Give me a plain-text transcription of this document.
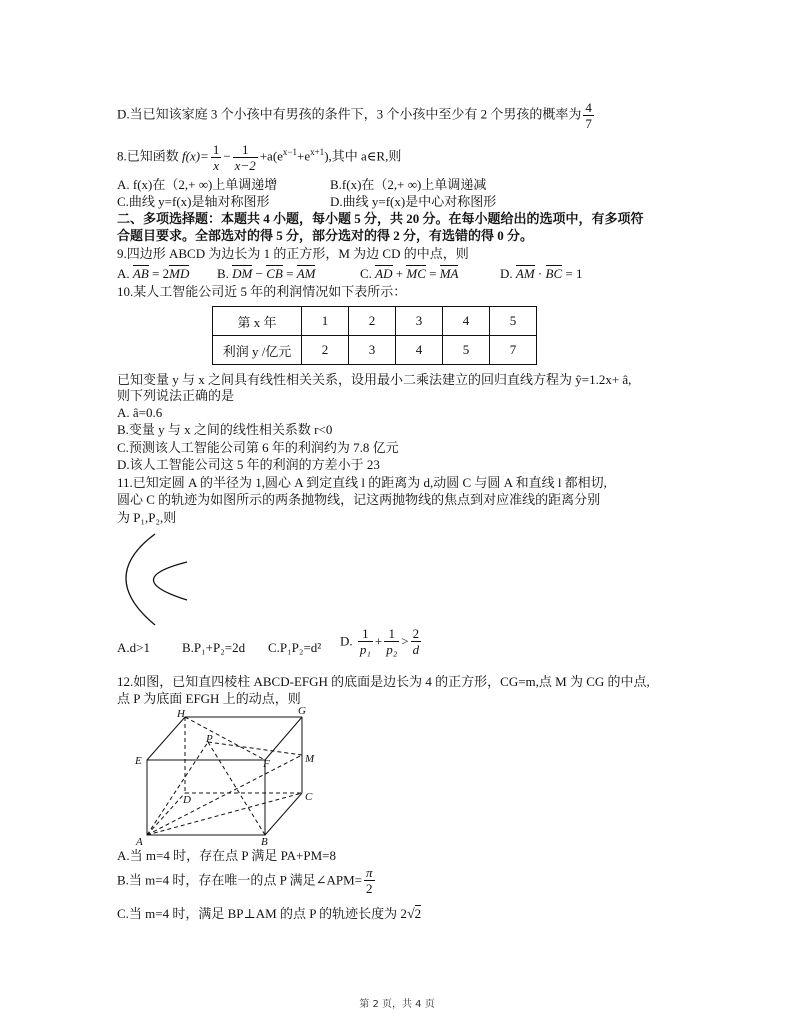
D.当已知该家庭 3 个小孩中有男孩的条件下，3 个小孩中至少有 2 个男孩的概率为 $\frac{4}{7}$
8.已知函数 $f(x)= \frac{1}{x} - \frac{1}{x-2} +a(e^{x-1}+e^{x+1})$,其中 a∈R,则
A. f(x)在（2,+ ∞)上单调递增	B.f(x)在（2,+ ∞)上单调递减
C.曲线 y=f(x)是轴对称图形	D.曲线 y=f(x)是中心对称图形
二、多项选择题：本题共 4 小题，每小题 5 分，共 20 分。在每小题给出的选项中，有多项符
合题目要求。全部选对的得 5 分，部分选对的得 2 分，有选错的得 0 分。
9.四边形 ABCD 为边长为 1 的正方形，M 为边 CD 的中点，则
A. AB = 2MD B. DM − CB = AM	C. AD + MC = MA	D. AM · BC = 1
10.某人工智能公司近 5 年的利润情况如下表所示：
第 x 年	1	2	3	4	5
利润 y /亿元	2	3	4	5	7
已知变量 y 与 x 之间具有线性相关关系，设用最小二乘法建立的回归直线方程为 ŷ=1.2x+ â,
则下列说法正确的是
A. â=0.6
B.变量 y 与 x 之间的线性相关系数 r<0
C.预测该人工智能公司第 6 年的利润约为 7.8 亿元
D.该人工智能公司这 5 年的利润的方差小于 23
11.已知定圆 A 的半径为 1,圆心 A 到定直线 l 的距离为 d,动圆 C 与圆 A 和直线 l 都相切,
圆心 C 的轨迹为如图所示的两条抛物线，记这两抛物线的焦点到对应准线的距离分别
为 P₁,P₂,则
A.d>1 B.P₁+P₂=2d C.P₁P₂=d² D. $\frac{1}{\text{p₁}} + \frac{1}{\text{p₂}} > \frac{2}{d}$
12.如图，已知直四棱柱 ABCD-EFGH 的底面是边长为 4 的正方形，CG=m,点 M 为 CG 的中点,
点 P 为底面 EFGH 上的动点，则
H	G
E
P
F	M
D	C
A	B
A.当 m=4 时，存在点 P 满足 PA+PM=8
B.当 m=4 时，存在唯一的点 P 满足∠APM= $\frac{\pi}{2}$
C.当 m=4 时，满足 BP⊥AM 的点 P 的轨迹长度为 2√2
第 2 页，共 4 页
